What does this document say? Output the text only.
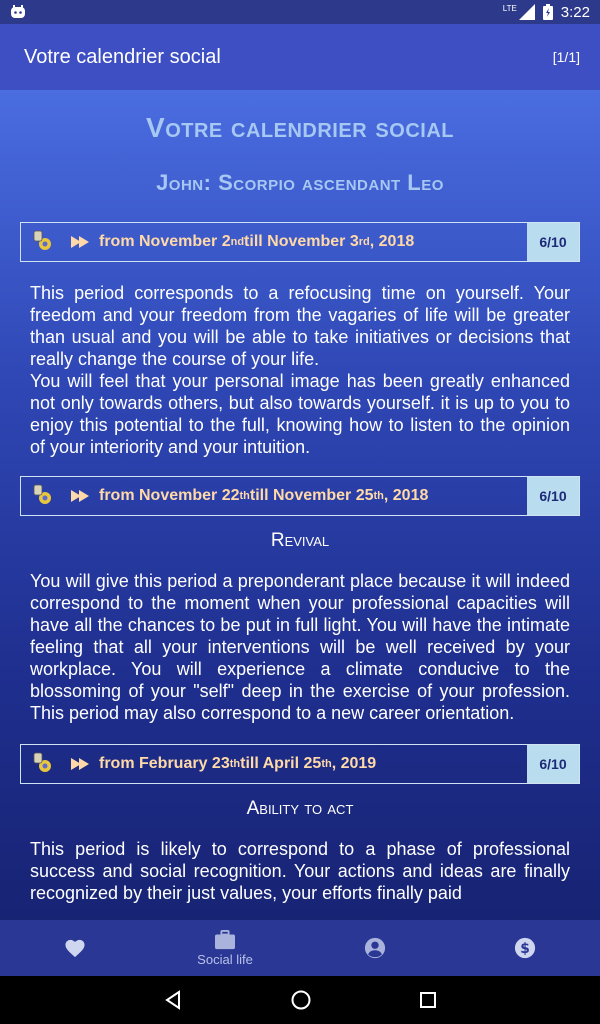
LTE	3:22
Votre calendrier social	[1/1]
Votre calendrier social
John: Scorpio ascendant Leo
from November 2 nd till November 3 rd , 2018	6/10

This period corresponds to a refocusing time on yourself. Your freedom and your freedom from the vagaries of life will be greater than usual and you will be able to take initiatives or decisions that really change the course of your life.

You will feel that your personal image has been greatly enhanced not only towards others, but also towards yourself. it is up to you to enjoy this potential to the full, knowing how to listen to the opinion of your interiority and your intuition.

from November 22 th till November 25 th , 2018	6/10
Revival

You will give this period a preponderant place because it will indeed correspond to the moment when your professional capacities will have all the chances to be put in full light. You will have the intimate feeling that all your interventions will be well received by your workplace. You will experience a climate conducive to the blossoming of your "self" deep in the exercise of your profession. This period may also correspond to a new career orientation.

from February 23 th till April 25 th , 2019	6/10
Ability to act

This period is likely to correspond to a phase of professional success and social recognition. Your actions and ideas are finally recognized by their just values, your efforts finally paid

Social life
$
